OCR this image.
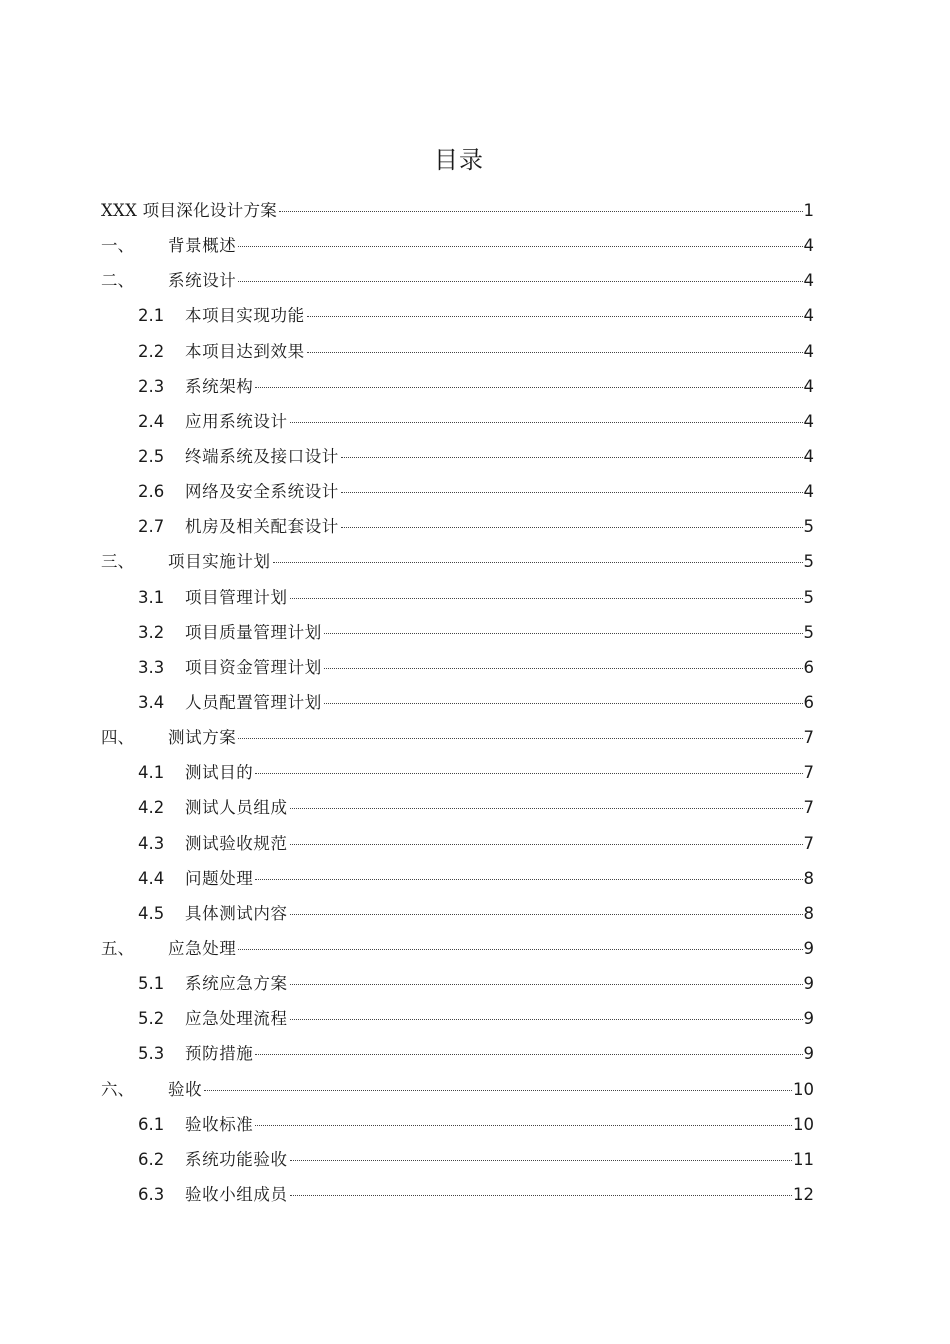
目录
XXX 项目深化设计方案	1
一、	背景概述	4
二、	系统设计	4
2.1	本项目实现功能	4
2.2	本项目达到效果	4
2.3	系统架构	4
2.4	应用系统设计	4
2.5	终端系统及接口设计	4
2.6	网络及安全系统设计	4
2.7	机房及相关配套设计	5
三、	项目实施计划	5
3.1	项目管理计划	5
3.2	项目质量管理计划	5
3.3	项目资金管理计划	6
3.4	人员配置管理计划	6
四、	测试方案	7
4.1	测试目的	7
4.2	测试人员组成	7
4.3	测试验收规范	7
4.4	问题处理	8
4.5	具体测试内容	8
五、	应急处理	9
5.1	系统应急方案	9
5.2	应急处理流程	9
5.3	预防措施	9
六、	验收	10
6.1	验收标准	10
6.2	系统功能验收	11
6.3	验收小组成员	12
